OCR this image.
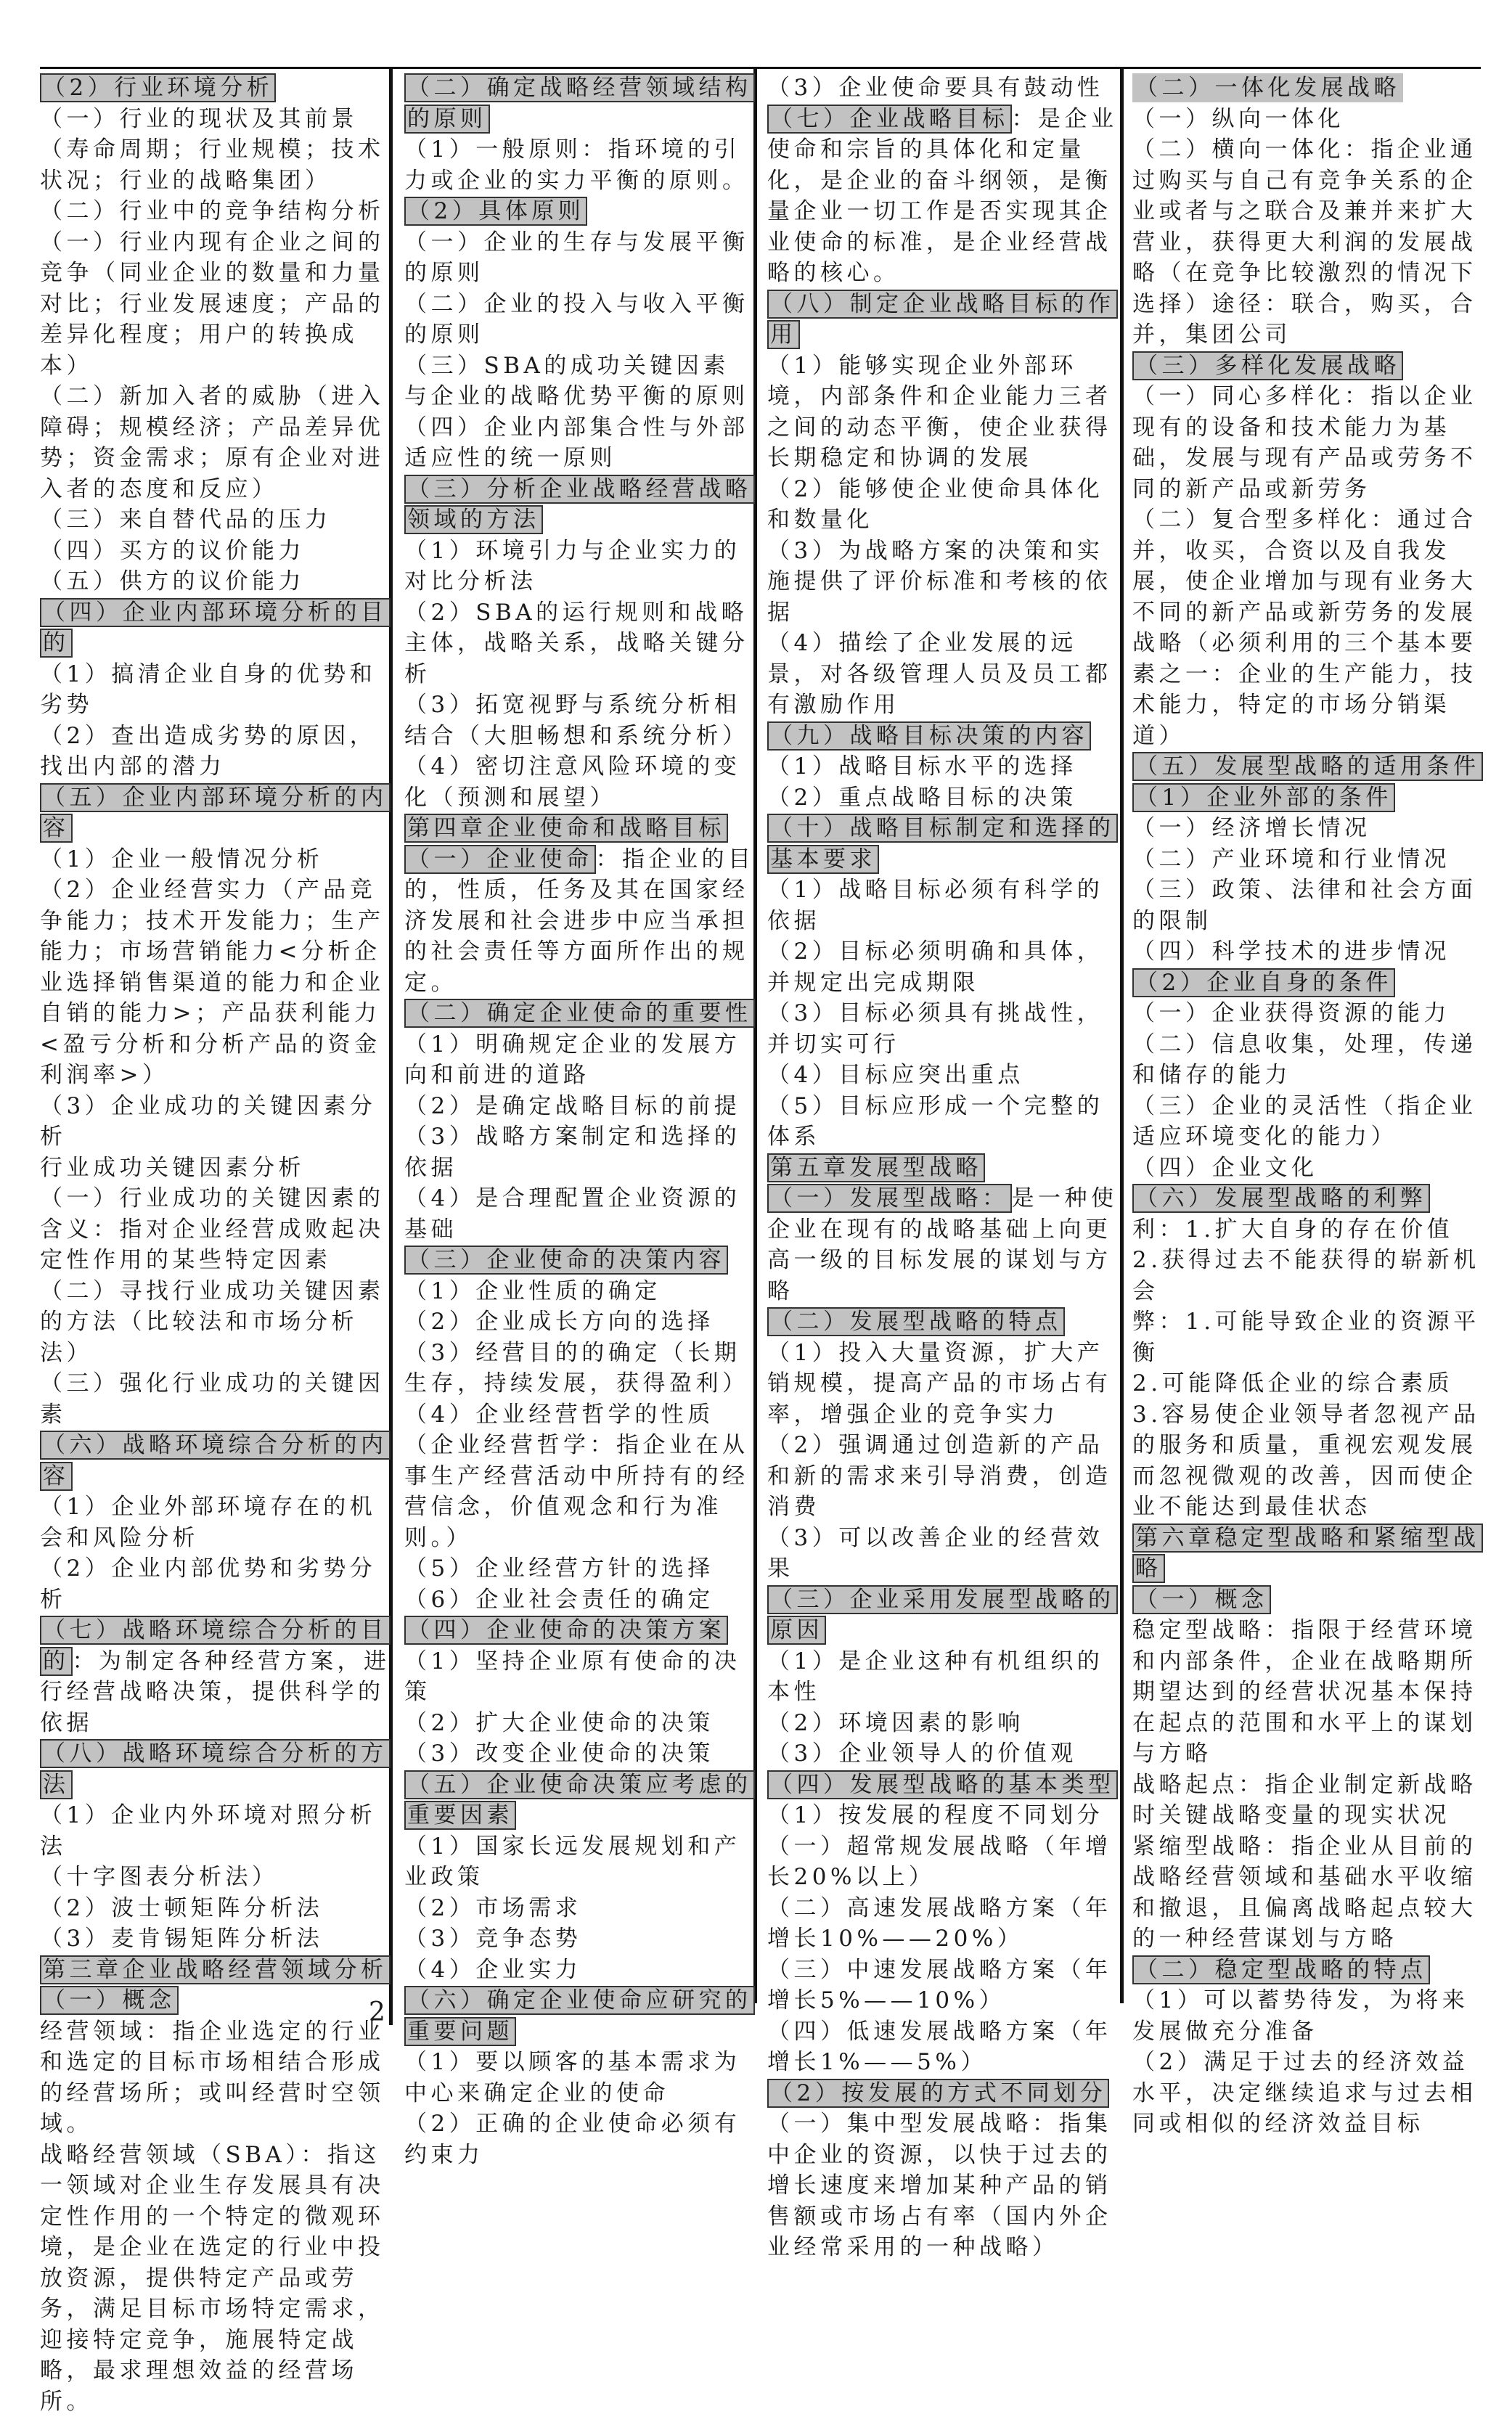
（2）行业环境分析
（一）行业的现状及其前景（寿命周期；行业规模；技术状况；行业的战略集团）
（二）行业中的竞争结构分析
（一）行业内现有企业之间的竞争（同业企业的数量和力量对比；行业发展速度；产品的差异化程度；用户的转换成本）
（二）新加入者的威胁（进入障碍；规模经济；产品差异优势；资金需求；原有企业对进入者的态度和反应）
（三）来自替代品的压力
（四）买方的议价能力
（五）供方的议价能力
（四）企业内部环境分析的目的
（1）搞清企业自身的优势和劣势
（2）查出造成劣势的原因，找出内部的潜力
（五）企业内部环境分析的内容
（1）企业一般情况分析
（2）企业经营实力（产品竞争能力；技术开发能力；生产能力；市场营销能力<分析企业选择销售渠道的能力和企业自销的能力>；产品获利能力<盈亏分析和分析产品的资金利润率>）
（3）企业成功的关键因素分析
行业成功关键因素分析
（一）行业成功的关键因素的含义：指对企业经营成败起决定性作用的某些特定因素
（二）寻找行业成功关键因素的方法（比较法和市场分析法）
（三）强化行业成功的关键因素
（六）战略环境综合分析的内容
（1）企业外部环境存在的机会和风险分析
（2）企业内部优势和劣势分析
（七）战略环境综合分析的目的 ：为制定各种经营方案，进行经营战略决策，提供科学的依据
（八）战略环境综合分析的方法
（1）企业内外环境对照分析法
（十字图表分析法）
（2）波士顿矩阵分析法
（3）麦肯锡矩阵分析法
第三章企业战略经营领域分析
（一）概念
经营领域：指企业选定的行业和选定的目标市场相结合形成的经营场所；或叫经营时空领域。
战略经营领域（SBA）：指这一领域对企业生存发展具有决定性作用的一个特定的微观环境，是企业在选定的行业中投放资源，提供特定产品或劳务，满足目标市场特定需求，迎接特定竞争，施展特定战略，最求理想效益的经营场所。
（二）确定战略经营领域结构的原则
（1）一般原则：指环境的引力或企业的实力平衡的原则。
（2）具体原则
（一）企业的生存与发展平衡的原则
（二）企业的投入与收入平衡的原则
（三）SBA的成功关键因素与企业的战略优势平衡的原则
（四）企业内部集合性与外部适应性的统一原则
（三）分析企业战略经营战略领域的方法
（1）环境引力与企业实力的对比分析法
（2）SBA的运行规则和战略主体，战略关系，战略关键分析
（3）拓宽视野与系统分析相结合（大胆畅想和系统分析）
（4）密切注意风险环境的变化（预测和展望）
第四章企业使命和战略目标
（一）企业使命 ：指企业的目的，性质，任务及其在国家经济发展和社会进步中应当承担的社会责任等方面所作出的规定。
（二）确定企业使命的重要性
（1）明确规定企业的发展方向和前进的道路
（2）是确定战略目标的前提
（3）战略方案制定和选择的依据
（4）是合理配置企业资源的基础
（三）企业使命的决策内容
（1）企业性质的确定
（2）企业成长方向的选择
（3）经营目的的确定（长期生存，持续发展，获得盈利）
（4）企业经营哲学的性质（企业经营哲学：指企业在从事生产经营活动中所持有的经营信念，价值观念和行为准则。）
（5）企业经营方针的选择
（6）企业社会责任的确定
（四）企业使命的决策方案
（1）坚持企业原有使命的决策
（2）扩大企业使命的决策
（3）改变企业使命的决策
（五）企业使命决策应考虑的重要因素
（1）国家长远发展规划和产业政策
（2）市场需求
（3）竞争态势
（4）企业实力
（六）确定企业使命应研究的重要问题
（1）要以顾客的基本需求为中心来确定企业的使命
（2）正确的企业使命必须有约束力
（3）企业使命要具有鼓动性
（七）企业战略目标 ：是企业使命和宗旨的具体化和定量化，是企业的奋斗纲领，是衡量企业一切工作是否实现其企业使命的标准，是企业经营战略的核心。
（八）制定企业战略目标的作用
（1）能够实现企业外部环境，内部条件和企业能力三者之间的动态平衡，使企业获得长期稳定和协调的发展
（2）能够使企业使命具体化和数量化
（3）为战略方案的决策和实施提供了评价标准和考核的依据
（4）描绘了企业发展的远景，对各级管理人员及员工都有激励作用
（九）战略目标决策的内容
（1）战略目标水平的选择
（2）重点战略目标的决策
（十）战略目标制定和选择的基本要求
（1）战略目标必须有科学的依据
（2）目标必须明确和具体，并规定出完成期限
（3）目标必须具有挑战性，并切实可行
（4）目标应突出重点
（5）目标应形成一个完整的体系
第五章发展型战略
（一）发展型战略： 是一种使企业在现有的战略基础上向更高一级的目标发展的谋划与方略
（二）发展型战略的特点
（1）投入大量资源，扩大产销规模，提高产品的市场占有率，增强企业的竞争实力
（2）强调通过创造新的产品和新的需求来引导消费，创造消费
（3）可以改善企业的经营效果
（三）企业采用发展型战略的原因
（1）是企业这种有机组织的本性
（2）环境因素的影响
（3）企业领导人的价值观
（四）发展型战略的基本类型
（1）按发展的程度不同划分
（一）超常规发展战略（年增长20%以上）
（二）高速发展战略方案（年增长10%——20%）
（三）中速发展战略方案（年增长5%——10%）
（四）低速发展战略方案（年增长1%——5%）
（2）按发展的方式不同划分
（一）集中型发展战略：指集中企业的资源，以快于过去的增长速度来增加某种产品的销售额或市场占有率（国内外企业经常采用的一种战略）
（二）一体化发展战略
（一）纵向一体化
（二）横向一体化：指企业通过购买与自己有竞争关系的企业或者与之联合及兼并来扩大营业，获得更大利润的发展战略（在竞争比较激烈的情况下选择）途径：联合，购买，合并，集团公司
（三）多样化发展战略
（一）同心多样化：指以企业现有的设备和技术能力为基础，发展与现有产品或劳务不同的新产品或新劳务
（二）复合型多样化：通过合并，收买，合资以及自我发展，使企业增加与现有业务大不同的新产品或新劳务的发展战略（必须利用的三个基本要素之一：企业的生产能力，技术能力，特定的市场分销渠道）
（五）发展型战略的适用条件
（1）企业外部的条件
（一）经济增长情况
（二）产业环境和行业情况
（三）政策、法律和社会方面的限制
（四）科学技术的进步情况
（2）企业自身的条件
（一）企业获得资源的能力
（二）信息收集，处理，传递和储存的能力
（三）企业的灵活性（指企业适应环境变化的能力）
（四）企业文化
（六）发展型战略的利弊
利：1.扩大自身的存在价值 2.获得过去不能获得的崭新机会
弊：1.可能导致企业的资源平衡
2.可能降低企业的综合素质
3.容易使企业领导者忽视产品的服务和质量，重视宏观发展而忽视微观的改善，因而使企业不能达到最佳状态
第六章稳定型战略和紧缩型战略
（一）概念
稳定型战略：指限于经营环境和内部条件，企业在战略期所期望达到的经营状况基本保持在起点的范围和水平上的谋划与方略
战略起点：指企业制定新战略时关键战略变量的现实状况
紧缩型战略：指企业从目前的战略经营领域和基础水平收缩和撤退，且偏离战略起点较大的一种经营谋划与方略
（二）稳定型战略的特点
（1）可以蓄势待发，为将来发展做充分准备
（2）满足于过去的经济效益水平，决定继续追求与过去相同或相似的经济效益目标
2
